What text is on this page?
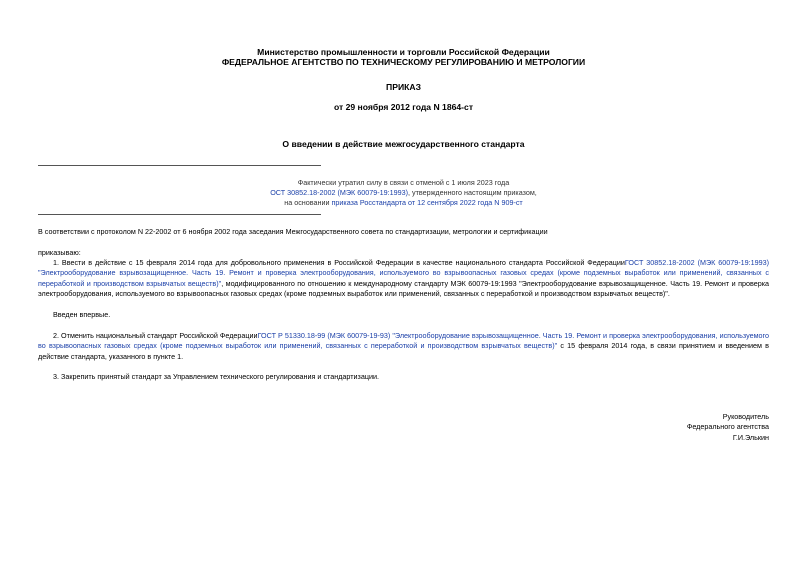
Министерство промышленности и торговли Российской Федерации
ФЕДЕРАЛЬНОЕ АГЕНТСТВО ПО ТЕХНИЧЕСКОМУ РЕГУЛИРОВАНИЮ И МЕТРОЛОГИИ
ПРИКАЗ
от 29 ноября 2012 года N 1864-ст
О введении в действие межгосударственного стандарта
Фактически утратил силу в связи с отменой с 1 июля 2023 года
ОСТ 30852.18-2002 (МЭК 60079-19:1993), утвержденного настоящим приказом,
на основании приказа Росстандарта от 12 сентября 2022 года N 909-ст
В соответствии с протоколом N 22-2002 от 6 ноября 2002 года заседания Межгосударственного совета по стандартизации, метрологии и сертификации
приказываю:
1. Ввести в действие с 15 февраля 2014 года для добровольного применения в Российской Федерации в качестве национального стандарта Российской ФедерацииГОСТ 30852.18-2002 (МЭК 60079-19:1993) "Электрооборудование взрывозащищенное. Часть 19. Ремонт и проверка электрооборудования, используемого во взрывоопасных газовых средах (кроме подземных выработок или применений, связанных с переработкой и производством взрывчатых веществ)", модифицированного по отношению к международному стандарту МЭК 60079-19:1993 "Электрооборудование взрывозащищенное. Часть 19. Ремонт и проверка электрооборудования, используемого во взрывоопасных газовых средах (кроме подземных выработок или применений, связанных с переработкой и производством взрывчатых веществ)".
Введен впервые.
2. Отменить национальный стандарт Российской ФедерацииГОСТ Р 51330.18-99 (МЭК 60079-19-93) "Электрооборудование взрывозащищенное. Часть 19. Ремонт и проверка электрооборудования, используемого во взрывоопасных газовых средах (кроме подземных выработок или применений, связанных с переработкой и производством взрывчатых веществ)" с 15 февраля 2014 года, в связи принятием и введением в действие стандарта, указанного в пункте 1.
3. Закрепить принятый стандарт за Управлением технического регулирования и стандартизации.
Руководитель
Федерального агентства
Г.И.Элькин
